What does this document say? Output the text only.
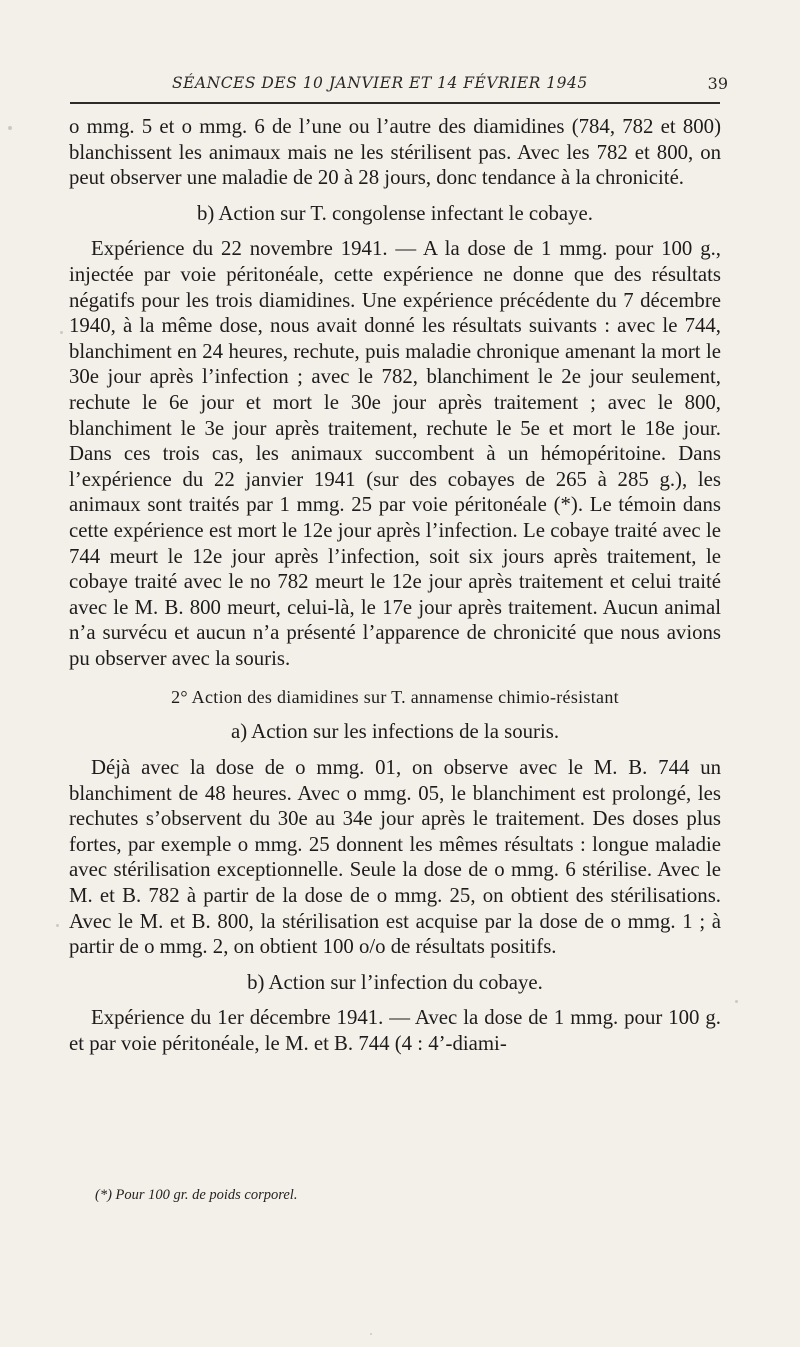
SÉANCES DES 10 JANVIER ET 14 FÉVRIER 1945	39

o mmg. 5 et o mmg. 6 de l’une ou l’autre des diamidines (784, 782 et 800) blanchissent les animaux mais ne les stérilisent pas. Avec les 782 et 800, on peut observer une maladie de 20 à 28 jours, donc tendance à la chronicité.

b) Action sur T. congolense infectant le cobaye.

Expérience du 22 novembre 1941. — A la dose de 1 mmg. pour 100 g., injectée par voie péritonéale, cette expérience ne donne que des résultats négatifs pour les trois diamidines. Une expérience précédente du 7 décembre 1940, à la même dose, nous avait donné les résultats suivants : avec le 744, blanchiment en 24 heures, rechute, puis maladie chronique amenant la mort le 30e jour après l’infection ; avec le 782, blanchiment le 2e jour seulement, rechute le 6e jour et mort le 30e jour après traitement ; avec le 800, blanchiment le 3e jour après traitement, rechute le 5e et mort le 18e jour. Dans ces trois cas, les animaux succombent à un hémopéritoine. Dans l’expérience du 22 janvier 1941 (sur des cobayes de 265 à 285 g.), les animaux sont traités par 1 mmg. 25 par voie péritonéale (*). Le témoin dans cette expérience est mort le 12e jour après l’infection. Le cobaye traité avec le 744 meurt le 12e jour après l’infection, soit six jours après traitement, le cobaye traité avec le no 782 meurt le 12e jour après traitement et celui traité avec le M. B. 800 meurt, celui-là, le 17e jour après traitement. Aucun animal n’a survécu et aucun n’a présenté l’apparence de chronicité que nous avions pu observer avec la souris.

2° Action des diamidines sur T. annamense chimio-résistant

a) Action sur les infections de la souris.

Déjà avec la dose de o mmg. 01, on observe avec le M. B. 744 un blanchiment de 48 heures. Avec o mmg. 05, le blanchiment est prolongé, les rechutes s’observent du 30e au 34e jour après le traitement. Des doses plus fortes, par exemple o mmg. 25 donnent les mêmes résultats : longue maladie avec stérilisation exceptionnelle. Seule la dose de o mmg. 6 stérilise. Avec le M. et B. 782 à partir de la dose de o mmg. 25, on obtient des stérilisations. Avec le M. et B. 800, la stérilisation est acquise par la dose de o mmg. 1 ; à partir de o mmg. 2, on obtient 100 o/o de résultats positifs.

b) Action sur l’infection du cobaye.

Expérience du 1er décembre 1941. — Avec la dose de 1 mmg. pour 100 g. et par voie péritonéale, le M. et B. 744 (4 : 4’-diami-

(*) Pour 100 gr. de poids corporel.
